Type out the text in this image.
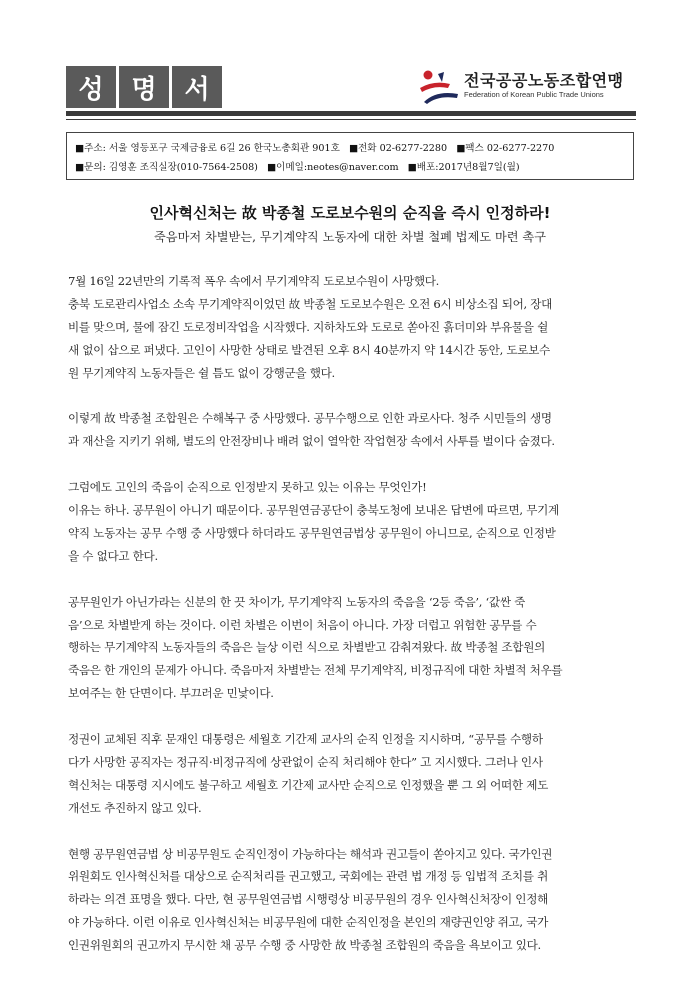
성	명	서	전국공공노동조합연맹
Federation of Korean Public Trade Unions
■주소: 서울 영등포구 국제금융로 6길 26 한국노총회관 901호 ■전화 02-6277-2280 ■팩스 02-6277-2270
■문의: 김영훈 조직실장(010-7564-2508) ■이메일:neotes@naver.com ■배포:2017년8월7일(월)
인사혁신처는 故 박종철 도로보수원의 순직을 즉시 인정하라!
죽음마저 차별받는, 무기계약직 노동자에 대한 차별 철폐 법제도 마련 촉구

7월 16일 22년만의 기록적 폭우 속에서 무기계약직 도로보수원이 사망했다.
충북 도로관리사업소 소속 무기계약직이었던 故 박종철 도로보수원은 오전 6시 비상소집 되어, 장대
비를 맞으며, 물에 잠긴 도로정비작업을 시작했다. 지하차도와 도로로 쏟아진 흙더미와 부유물을 쉴
새 없이 삽으로 퍼냈다. 고인이 사망한 상태로 발견된 오후 8시 40분까지 약 14시간 동안, 도로보수
원 무기계약직 노동자들은 쉴 틈도 없이 강행군을 했다.

이렇게 故 박종철 조합원은 수해복구 중 사망했다. 공무수행으로 인한 과로사다. 청주 시민들의 생명
과 재산을 지키기 위해, 별도의 안전장비나 배려 없이 열악한 작업현장 속에서 사투를 벌이다 숨졌다.

그럼에도 고인의 죽음이 순직으로 인정받지 못하고 있는 이유는 무엇인가!
이유는 하나. 공무원이 아니기 때문이다. 공무원연금공단이 충북도청에 보내온 답변에 따르면, 무기계
약직 노동자는 공무 수행 중 사망했다 하더라도 공무원연금법상 공무원이 아니므로, 순직으로 인정받
을 수 없다고 한다.

공무원인가 아닌가라는 신분의 한 끗 차이가, 무기계약직 노동자의 죽음을 ‘2등 죽음’, ‘값싼 죽
음’으로 차별받게 하는 것이다. 이런 차별은 이번이 처음이 아니다. 가장 더럽고 위험한 공무를 수
행하는 무기계약직 노동자들의 죽음은 늘상 이런 식으로 차별받고 감춰져왔다. 故 박종철 조합원의
죽음은 한 개인의 문제가 아니다. 죽음마저 차별받는 전체 무기계약직, 비정규직에 대한 차별적 처우를
보여주는 한 단면이다. 부끄러운 민낯이다.

정권이 교체된 직후 문재인 대통령은 세월호 기간제 교사의 순직 인정을 지시하며, “공무를 수행하
다가 사망한 공직자는 정규직·비정규직에 상관없이 순직 처리해야 한다” 고 지시했다. 그러나 인사
혁신처는 대통령 지시에도 불구하고 세월호 기간제 교사만 순직으로 인정했을 뿐 그 외 어떠한 제도
개선도 추진하지 않고 있다.

현행 공무원연금법 상 비공무원도 순직인정이 가능하다는 해석과 권고들이 쏟아지고 있다. 국가인권
위원회도 인사혁신처를 대상으로 순직처리를 권고했고, 국회에는 관련 법 개정 등 입법적 조치를 취
하라는 의견 표명을 했다. 다만, 현 공무원연금법 시행령상 비공무원의 경우 인사혁신처장이 인정해
야 가능하다. 이런 이유로 인사혁신처는 비공무원에 대한 순직인정을 본인의 재량권인양 쥐고, 국가
인권위원회의 권고까지 무시한 채 공무 수행 중 사망한 故 박종철 조합원의 죽음을 욕보이고 있다.
